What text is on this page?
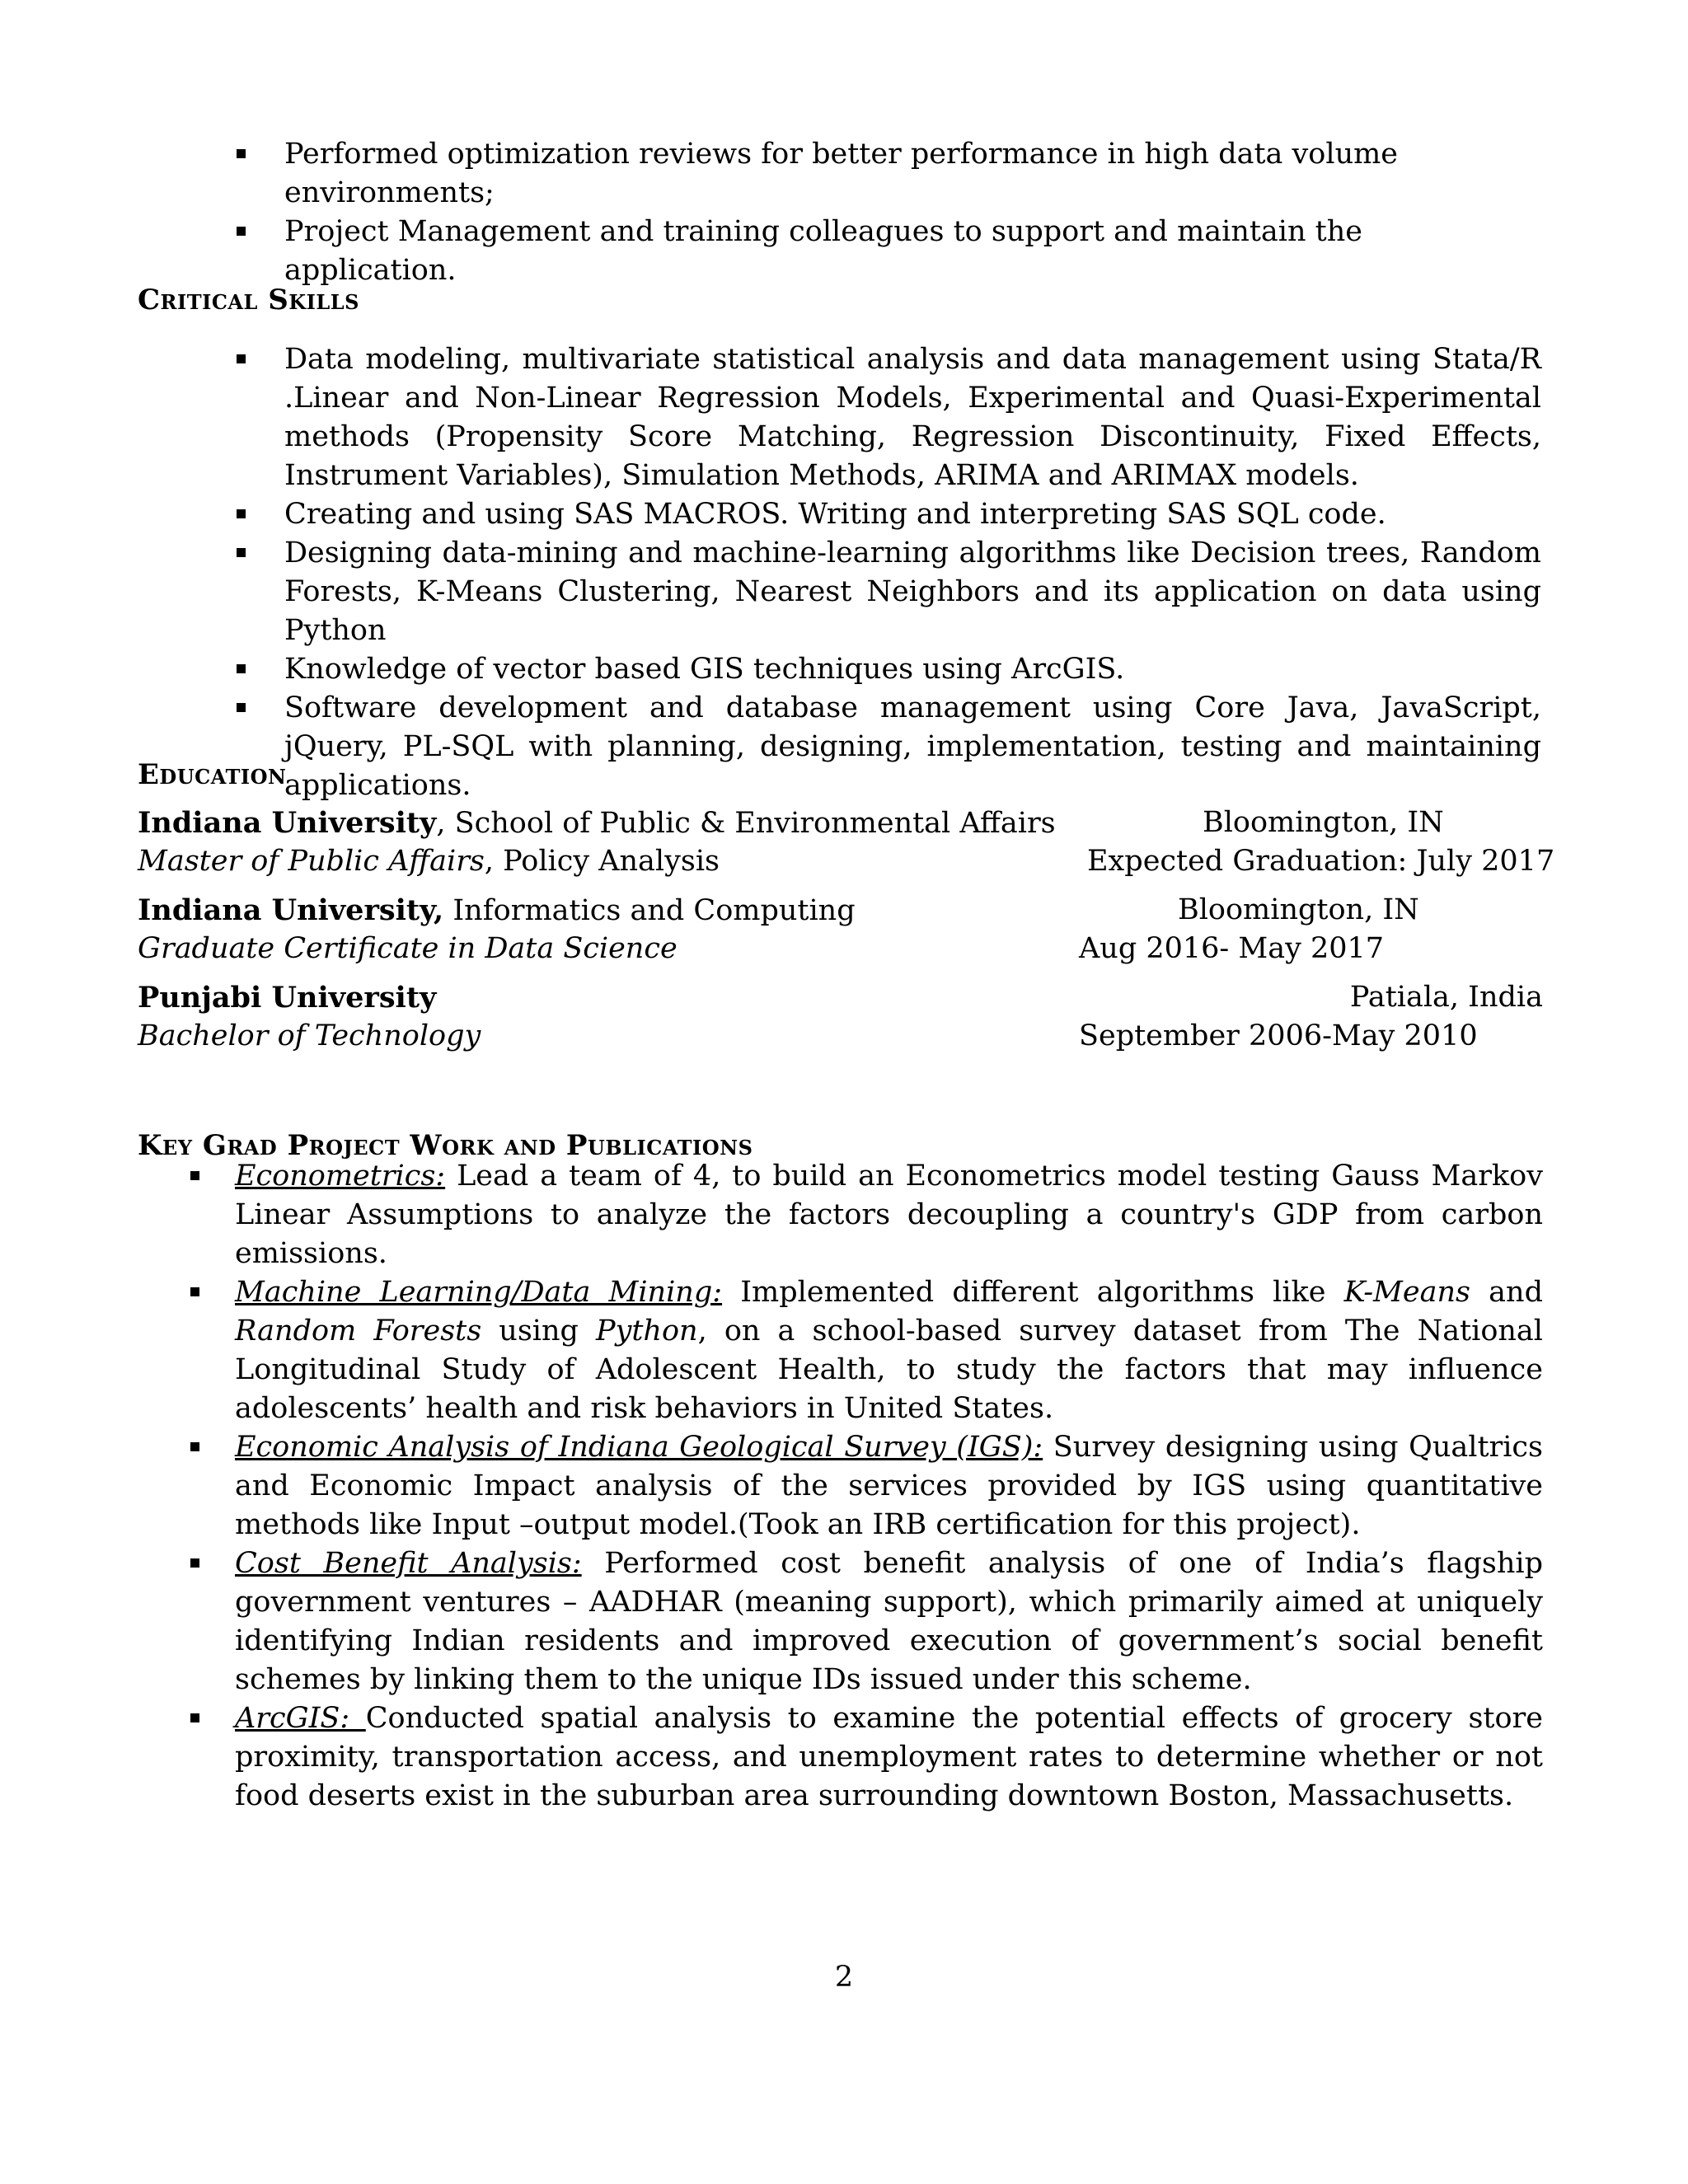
Performed optimization reviews for better performance in high data volume environments;
Project Management and training colleagues to support and maintain the application.
Critical Skills
Data modeling, multivariate statistical analysis and data management using Stata/R .Linear and Non-Linear Regression Models, Experimental and Quasi-Experimental methods (Propensity Score Matching, Regression Discontinuity, Fixed Effects, Instrument Variables), Simulation Methods, ARIMA and ARIMAX models.
Creating and using SAS MACROS. Writing and interpreting SAS SQL code.
Designing data-mining and machine-learning algorithms like Decision trees, Random Forests, K-Means Clustering, Nearest Neighbors and its application on data using Python
Knowledge of vector based GIS techniques using ArcGIS.
Software development and database management using Core Java, JavaScript, jQuery, PL-SQL with planning, designing, implementation, testing and maintaining applications.
Education
Indiana University, School of Public & Environmental Affairs	Bloomington, IN
Master of Public Affairs, Policy Analysis	Expected Graduation: July 2017
Indiana University, Informatics and Computing	Bloomington, IN
Graduate Certificate in Data Science	Aug 2016- May 2017
Punjabi University	Patiala, India
Bachelor of Technology	September 2006-May 2010
Key Grad Project Work and Publications
Econometrics: Lead a team of 4, to build an Econometrics model testing Gauss Markov Linear Assumptions to analyze the factors decoupling a country's GDP from carbon emissions.
Machine Learning/Data Mining: Implemented different algorithms like K-Means and Random Forests using Python, on a school-based survey dataset from The National Longitudinal Study of Adolescent Health, to study the factors that may influence adolescents’ health and risk behaviors in United States.
Economic Analysis of Indiana Geological Survey (IGS): Survey designing using Qualtrics and Economic Impact analysis of the services provided by IGS using quantitative methods like Input –output model.(Took an IRB certification for this project).
Cost Benefit Analysis: Performed cost benefit analysis of one of India’s flagship government ventures – AADHAR (meaning support), which primarily aimed at uniquely identifying Indian residents and improved execution of government’s social benefit schemes by linking them to the unique IDs issued under this scheme.
ArcGIS: Conducted spatial analysis to examine the potential effects of grocery store proximity, transportation access, and unemployment rates to determine whether or not food deserts exist in the suburban area surrounding downtown Boston, Massachusetts.
2
